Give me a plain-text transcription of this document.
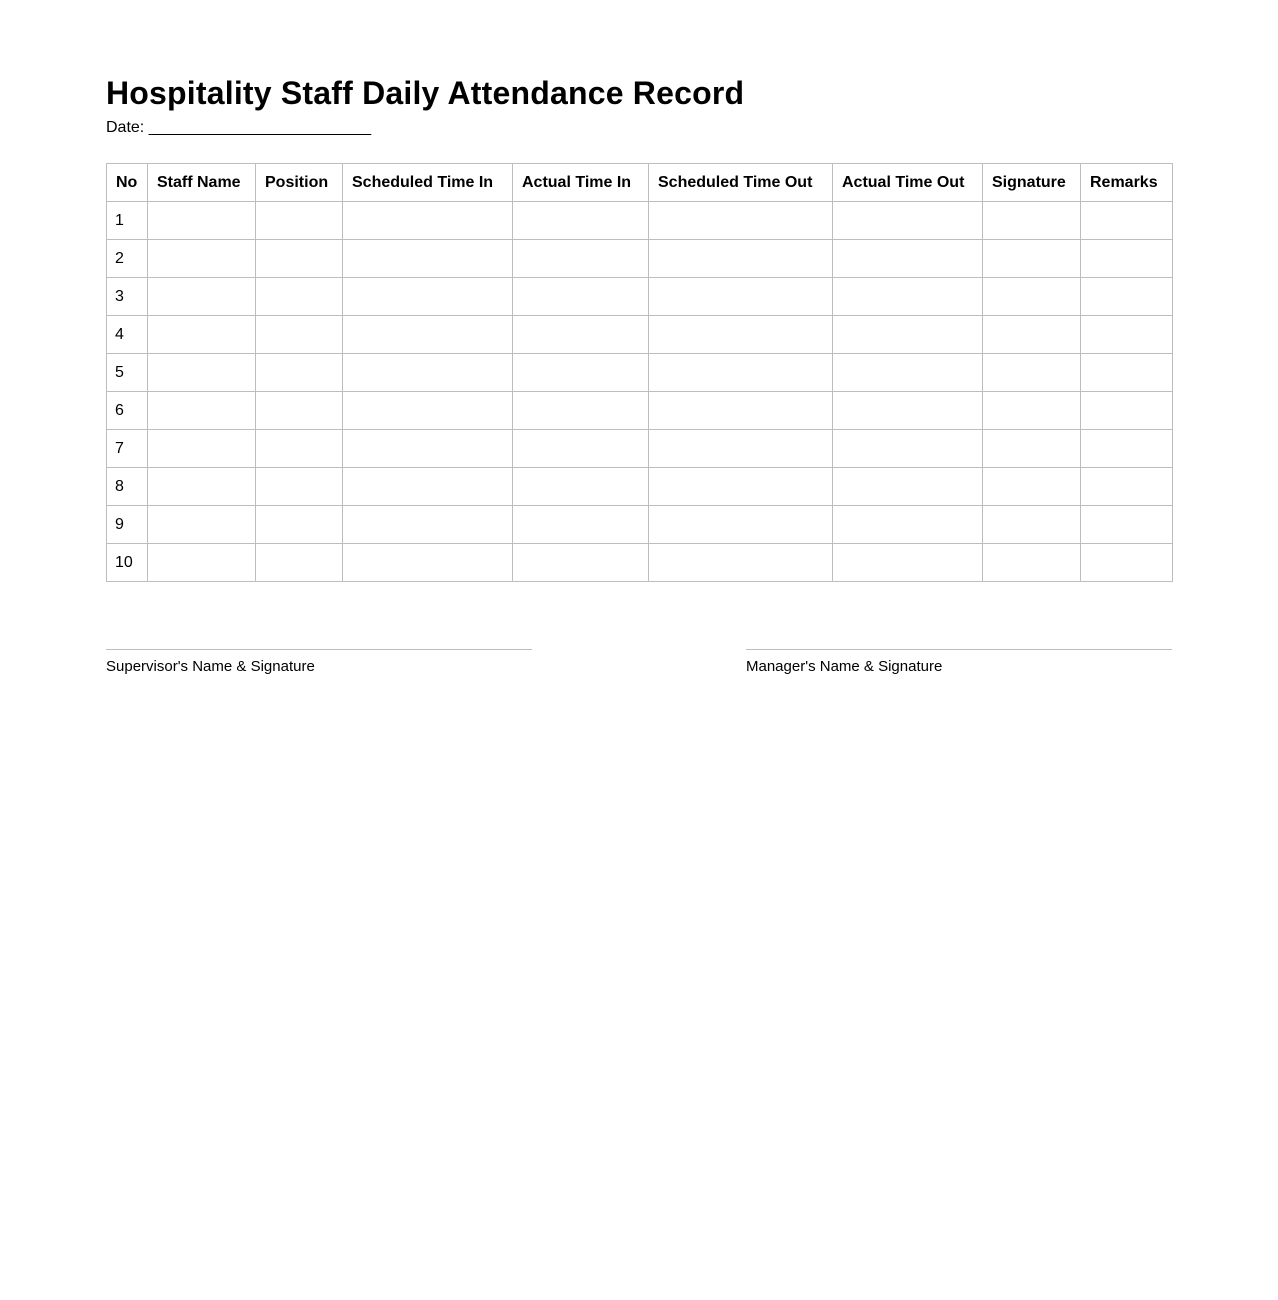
Hospitality Staff Daily Attendance Record
Date: _________________________
No	Staff Name	Position	Scheduled Time In	Actual Time In	Scheduled Time Out	Actual Time Out	Signature	Remarks
1								
2								
3								
4								
5								
6								
7								
8								
9								
10								
Supervisor's Name & Signature	Manager's Name & Signature
